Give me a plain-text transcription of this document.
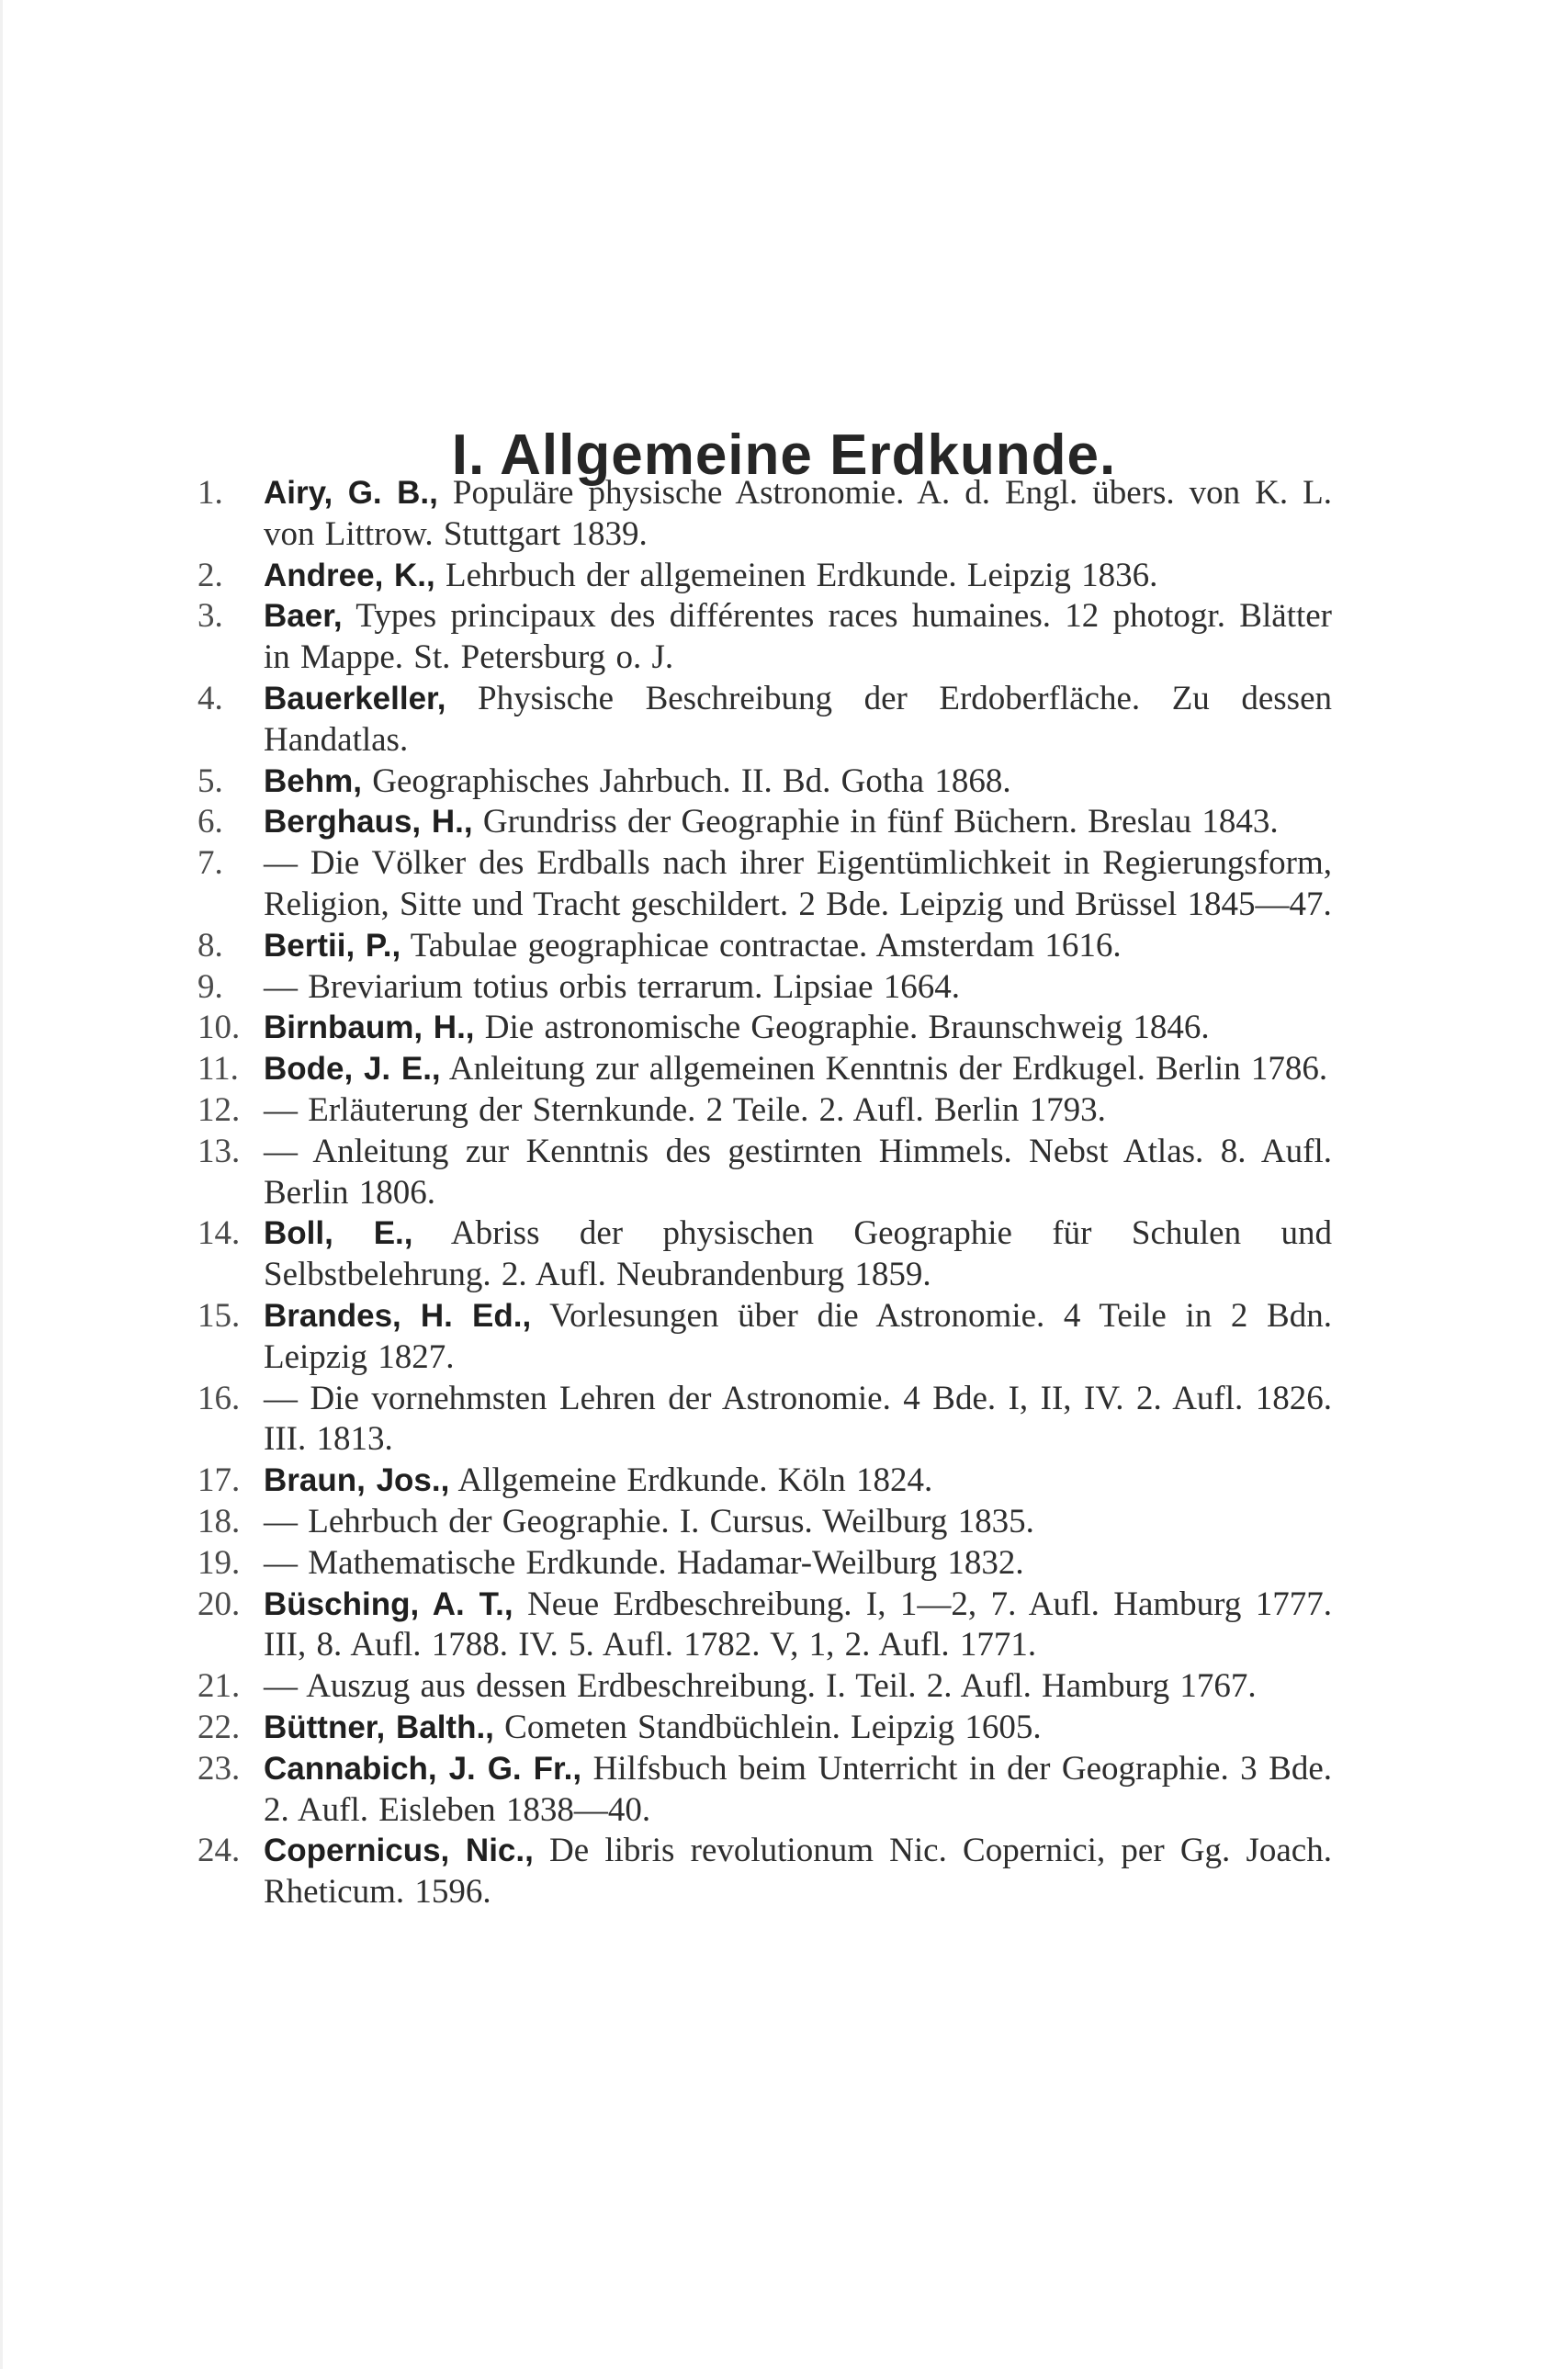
I. Allgemeine Erdkunde.
1.	Airy, G. B., Populäre physische Astronomie. A. d. Engl. übers. von K. L. von Littrow. Stuttgart 1839.
2.	Andree, K., Lehrbuch der allgemeinen Erdkunde. Leipzig 1836.
3.	Baer, Types principaux des différentes races humaines. 12 photogr. Blätter in Mappe. St. Petersburg o. J.
4.	Bauerkeller, Physische Beschreibung der Erdoberfläche. Zu dessen Handatlas.
5.	Behm, Geographisches Jahrbuch. II. Bd. Gotha 1868.
6.	Berghaus, H., Grundriss der Geographie in fünf Büchern. Breslau 1843.
7.	— Die Völker des Erdballs nach ihrer Eigentümlichkeit in Regierungsform, Religion, Sitte und Tracht geschildert. 2 Bde. Leipzig und Brüssel 1845—47.
8.	Bertii, P., Tabulae geographicae contractae. Amsterdam 1616.
9.	— Breviarium totius orbis terrarum. Lipsiae 1664.
10. Birnbaum, H., Die astronomische Geographie. Braunschweig 1846.
11. Bode, J. E., Anleitung zur allgemeinen Kenntnis der Erdkugel. Berlin 1786.
12. — Erläuterung der Sternkunde. 2 Teile. 2. Aufl. Berlin 1793.
13. — Anleitung zur Kenntnis des gestirnten Himmels. Nebst Atlas. 8. Aufl. Berlin 1806.
14. Boll, E., Abriss der physischen Geographie für Schulen und Selbstbelehrung. 2. Aufl. Neubrandenburg 1859.
15. Brandes, H. Ed., Vorlesungen über die Astronomie. 4 Teile in 2 Bdn. Leipzig 1827.
16. — Die vornehmsten Lehren der Astronomie. 4 Bde. I, II, IV. 2. Aufl. 1826. III. 1813.
17. Braun, Jos., Allgemeine Erdkunde. Köln 1824.
18. — Lehrbuch der Geographie. I. Cursus. Weilburg 1835.
19. — Mathematische Erdkunde. Hadamar-Weilburg 1832.
20. Büsching, A. T., Neue Erdbeschreibung. I, 1—2, 7. Aufl. Hamburg 1777. III, 8. Aufl. 1788. IV. 5. Aufl. 1782. V, 1, 2. Aufl. 1771.
21. — Auszug aus dessen Erdbeschreibung. I. Teil. 2. Aufl. Hamburg 1767.
22. Büttner, Balth., Cometen Standbüchlein. Leipzig 1605.
23. Cannabich, J. G. Fr., Hilfsbuch beim Unterricht in der Geographie. 3 Bde. 2. Aufl. Eisleben 1838—40.
24. Copernicus, Nic., De libris revolutionum Nic. Copernici, per Gg. Joach. Rheticum. 1596.
